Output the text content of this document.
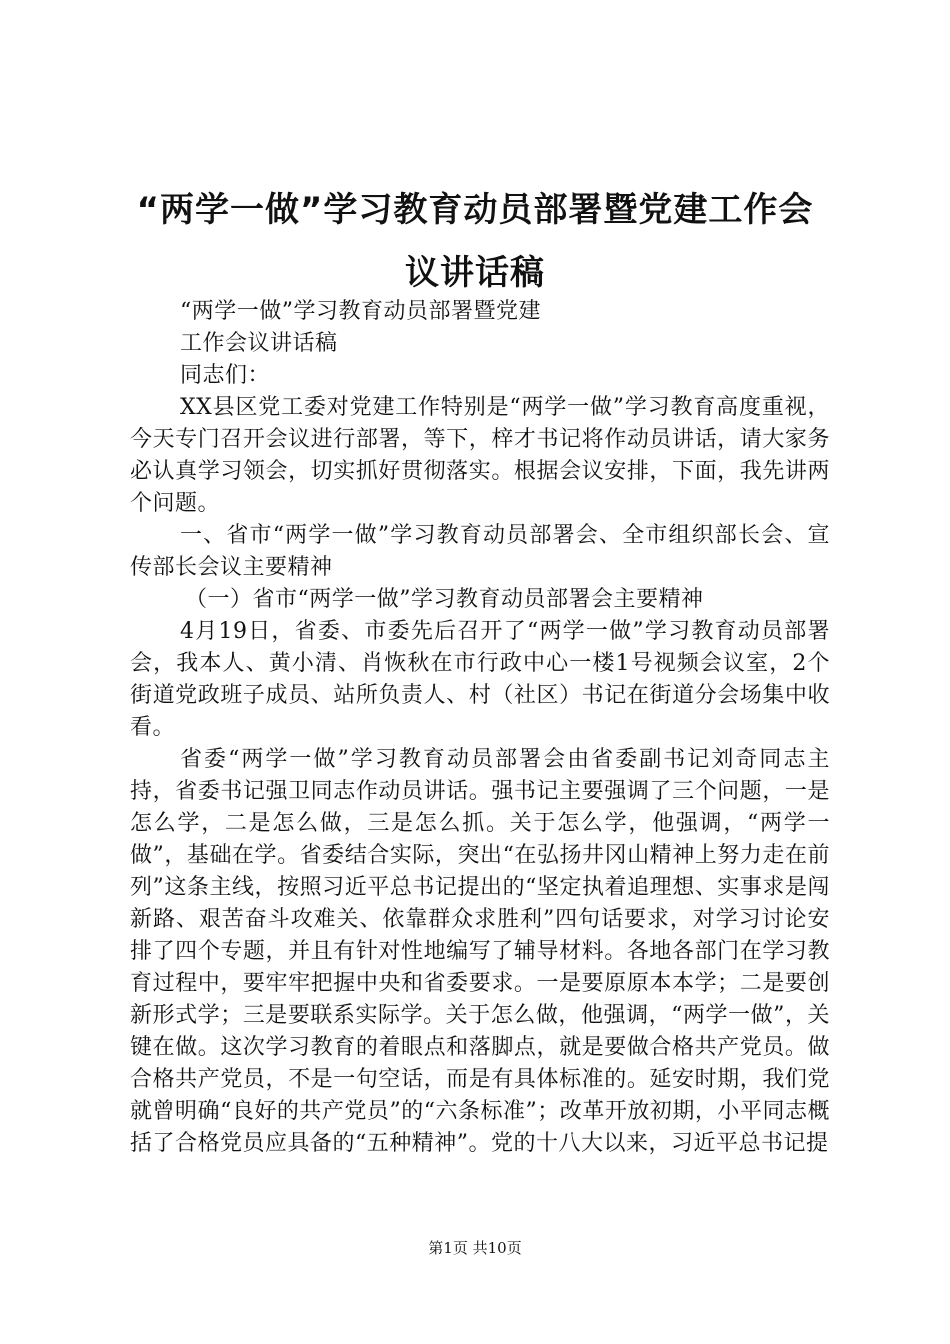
“两学一做”学习教育动员部署暨党建工作会
议讲话稿

“两学一做”学习教育动员部署暨党建

工作会议讲话稿

同志们：

XX县区党工委对党建工作特别是“两学一做”学习教育高度重视，今天专门召开会议进行部署，等下，梓才书记将作动员讲话，请大家务必认真学习领会，切实抓好贯彻落实。根据会议安排，下面，我先讲两个问题。

一、省市“两学一做”学习教育动员部署会、全市组织部长会、宣传部长会议主要精神

（一）省市“两学一做”学习教育动员部署会主要精神

4月19日，省委、市委先后召开了“两学一做”学习教育动员部署会，我本人、黄小清、肖恢秋在市行政中心一楼1号视频会议室，2个街道党政班子成员、站所负责人、村（社区）书记在街道分会场集中收看。

省委“两学一做”学习教育动员部署会由省委副书记刘奇同志主持，省委书记强卫同志作动员讲话。强书记主要强调了三个问题，一是怎么学，二是怎么做，三是怎么抓。关于怎么学，他强调，“两学一做”，基础在学。省委结合实际，突出“在弘扬井冈山精神上努力走在前列”这条主线，按照习近平总书记提出的“坚定执着追理想、实事求是闯新路、艰苦奋斗攻难关、依靠群众求胜利”四句话要求，对学习讨论安排了四个专题，并且有针对性地编写了辅导材料。各地各部门在学习教育过程中，要牢牢把握中央和省委要求。一是要原原本本学；二是要创新形式学；三是要联系实际学。关于怎么做，他强调，“两学一做”，关键在做。这次学习教育的着眼点和落脚点，就是要做合格共产党员。做合格共产党员，不是一句空话，而是有具体标准的。延安时期，我们党就曾明确“良好的共产党员”的“六条标准”；改革开放初期，小平同志概括了合格党员应具备的“五种精神”。党的十八大以来，习近平总书记提

第1页 共10页
